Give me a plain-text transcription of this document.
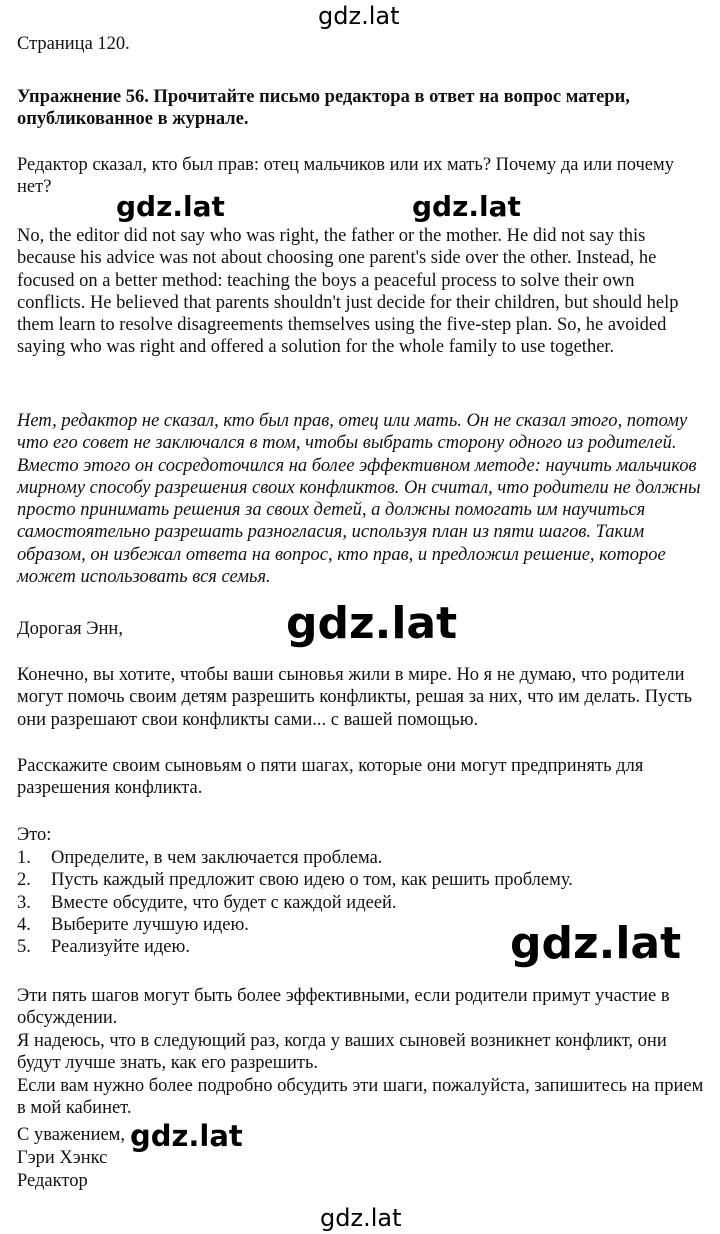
Страница 120.
Упражнение 56. Прочитайте письмо редактора в ответ на вопрос матери, опубликованное в журнале.
Редактор сказал, кто был прав: отец мальчиков или их мать? Почему да или почему нет?
No, the editor did not say who was right, the father or the mother. He did not say this because his advice was not about choosing one parent's side over the other. Instead, he focused on a better method: teaching the boys a peaceful process to solve their own conflicts. He believed that parents shouldn't just decide for their children, but should help them learn to resolve disagreements themselves using the five-step plan. So, he avoided saying who was right and offered a solution for the whole family to use together.
Нет, редактор не сказал, кто был прав, отец или мать. Он не сказал этого, потому что его совет не заключался в том, чтобы выбрать сторону одного из родителей. Вместо этого он сосредоточился на более эффективном методе: научить мальчиков мирному способу разрешения своих конфликтов. Он считал, что родители не должны просто принимать решения за своих детей, а должны помогать им научиться самостоятельно разрешать разногласия, используя план из пяти шагов. Таким образом, он избежал ответа на вопрос, кто прав, и предложил решение, которое может использовать вся семья.
Дорогая Энн,
Конечно, вы хотите, чтобы ваши сыновья жили в мире. Но я не думаю, что родители могут помочь своим детям разрешить конфликты, решая за них, что им делать. Пусть они разрешают свои конфликты сами... с вашей помощью.
Расскажите своим сыновьям о пяти шагах, которые они могут предпринять для разрешения конфликта.
Это:
1.	Определите, в чем заключается проблема.
2.	Пусть каждый предложит свою идею о том, как решить проблему.
3.	Вместе обсудите, что будет с каждой идеей.
4.	Выберите лучшую идею.
5.	Реализуйте идею.
Эти пять шагов могут быть более эффективными, если родители примут участие в обсуждении.
Я надеюсь, что в следующий раз, когда у ваших сыновей возникнет конфликт, они будут лучше знать, как его разрешить.
Если вам нужно более подробно обсудить эти шаги, пожалуйста, запишитесь на прием в мой кабинет.
С уважением,
Гэри Хэнкс
Редактор
gdz.lat
gdz.lat	gdz.lat
gdz.lat
gdz.lat
gdz.lat
gdz.lat
